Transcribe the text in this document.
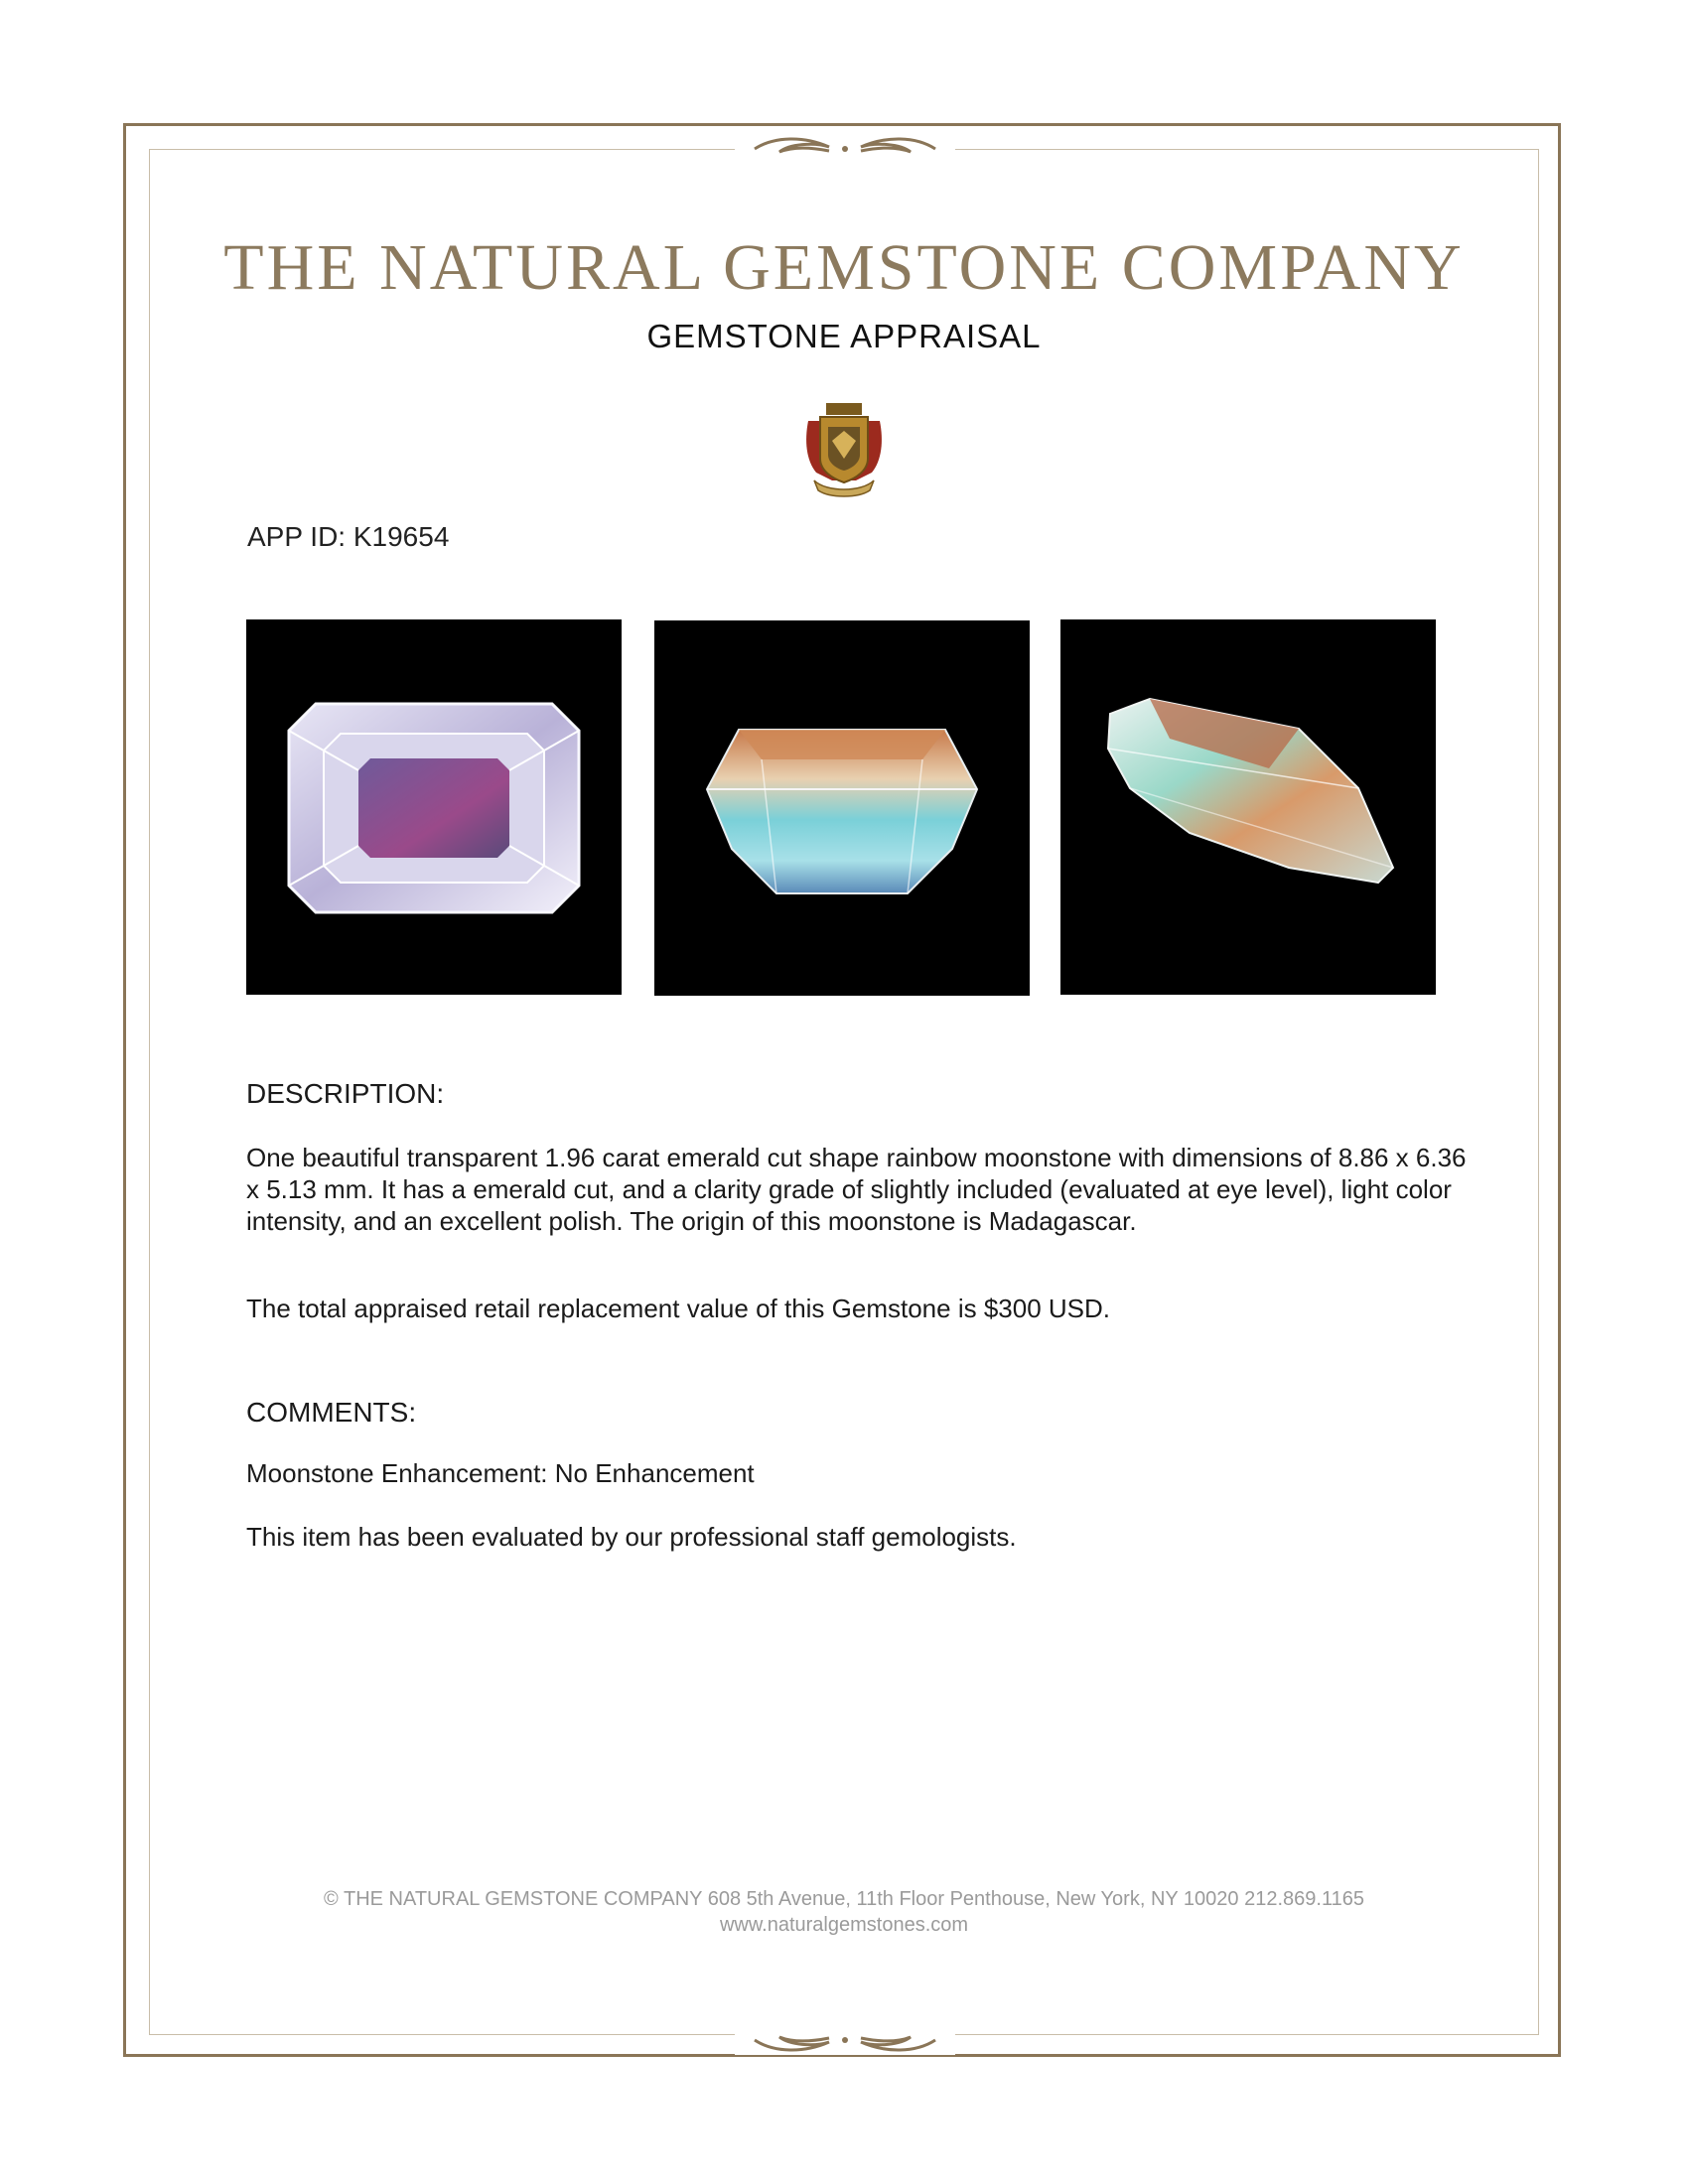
THE NATURAL GEMSTONE COMPANY
GEMSTONE APPRAISAL
APP ID: K19654
DESCRIPTION:
One beautiful transparent 1.96 carat emerald cut shape rainbow moonstone with dimensions of 8.86 x 6.36 x 5.13 mm. It has a emerald cut, and a clarity grade of slightly included (evaluated at eye level), light color intensity, and an excellent polish. The origin of this moonstone is Madagascar.
The total appraised retail replacement value of this Gemstone is $300 USD.
COMMENTS:
Moonstone Enhancement: No Enhancement
This item has been evaluated by our professional staff gemologists.
© THE NATURAL GEMSTONE COMPANY 608 5th Avenue, 11th Floor Penthouse, New York, NY 10020 212.869.1165
www.naturalgemstones.com
